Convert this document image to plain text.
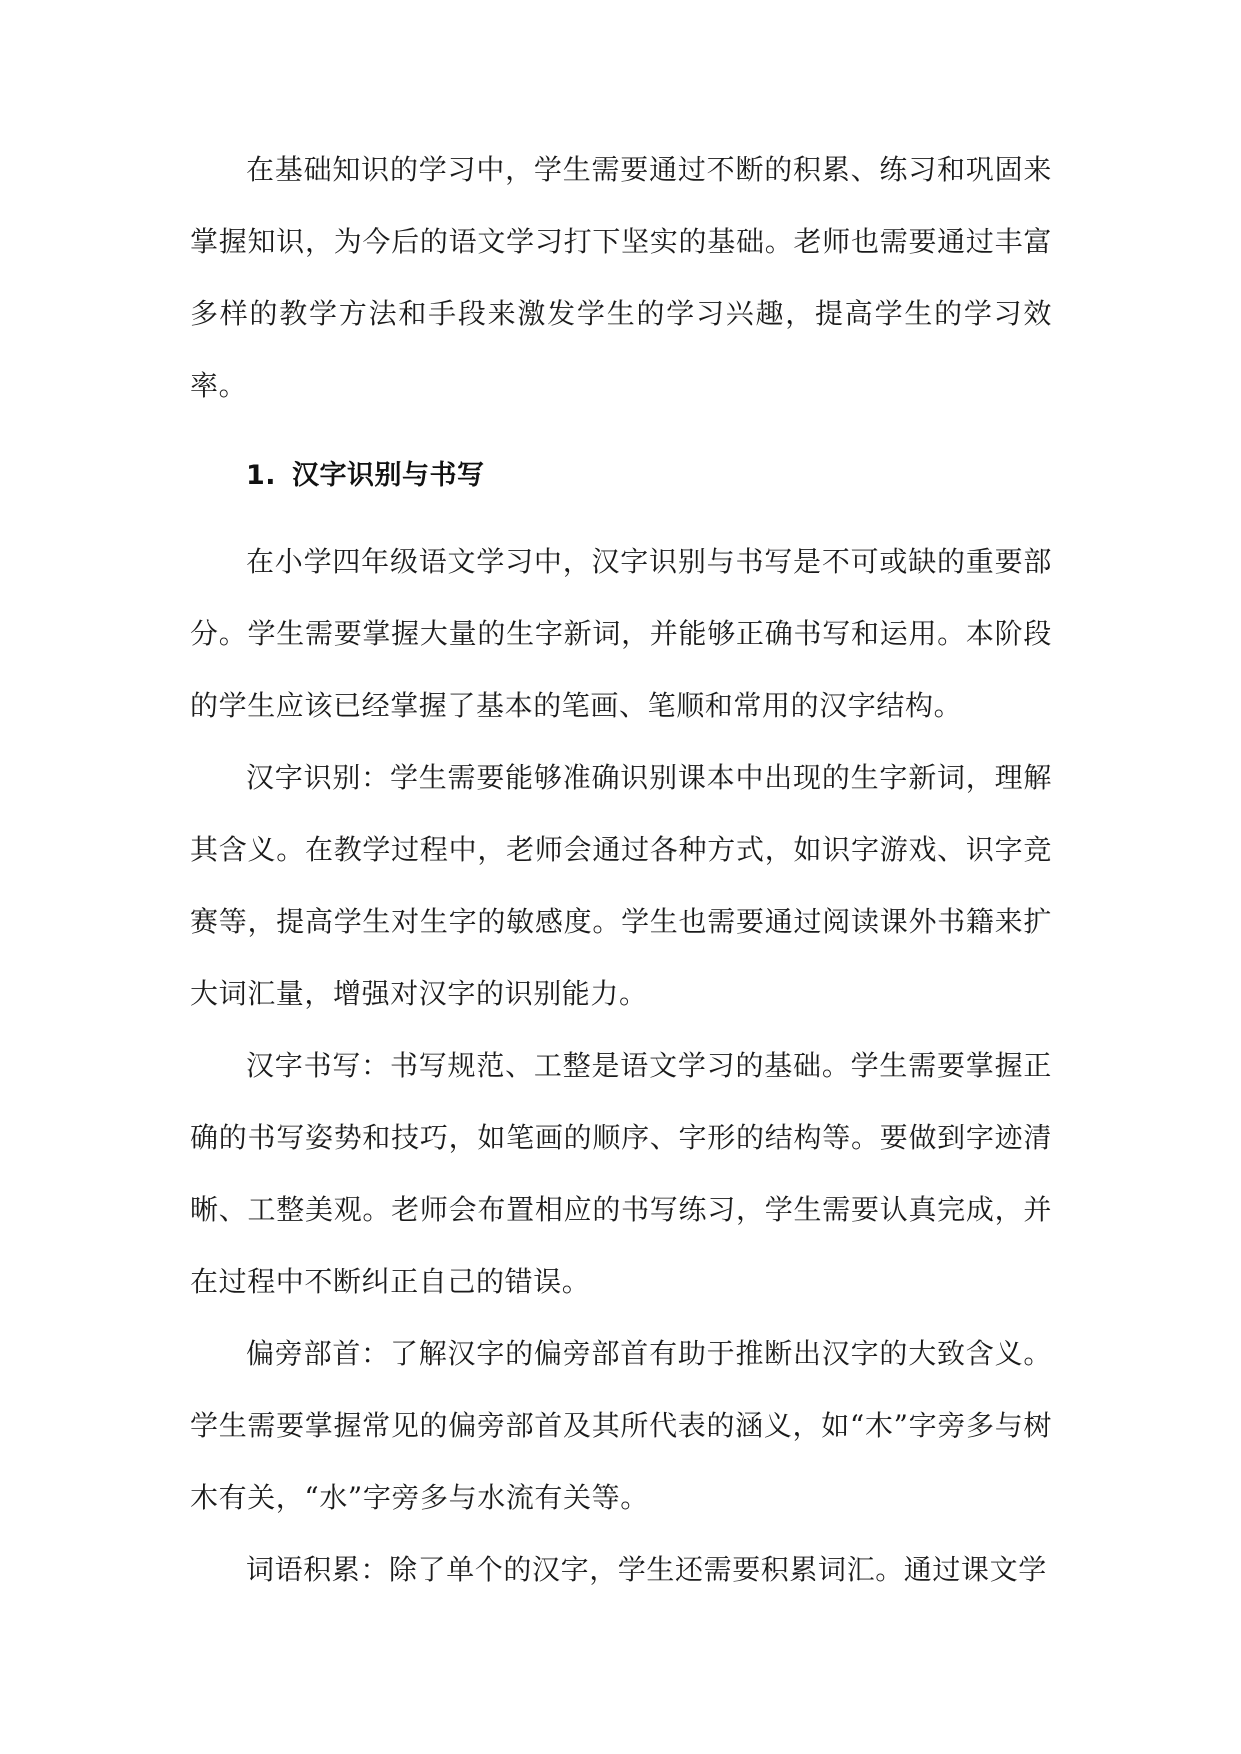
在基础知识的学习中，学生需要通过不断的积累、练习和巩固来掌握知识，为今后的语文学习打下坚实的基础。老师也需要通过丰富多样的教学方法和手段来激发学生的学习兴趣，提高学生的学习效率。

1. 汉字识别与书写

在小学四年级语文学习中，汉字识别与书写是不可或缺的重要部分。学生需要掌握大量的生字新词，并能够正确书写和运用。本阶段的学生应该已经掌握了基本的笔画、笔顺和常用的汉字结构。

汉字识别：学生需要能够准确识别课本中出现的生字新词，理解其含义。在教学过程中，老师会通过各种方式，如识字游戏、识字竞赛等，提高学生对生字的敏感度。学生也需要通过阅读课外书籍来扩大词汇量，增强对汉字的识别能力。

汉字书写：书写规范、工整是语文学习的基础。学生需要掌握正确的书写姿势和技巧，如笔画的顺序、字形的结构等。要做到字迹清晰、工整美观。老师会布置相应的书写练习，学生需要认真完成，并在过程中不断纠正自己的错误。

偏旁部首：了解汉字的偏旁部首有助于推断出汉字的大致含义。学生需要掌握常见的偏旁部首及其所代表的涵义，如“木”字旁多与树木有关，“水”字旁多与水流有关等。

词语积累：除了单个的汉字，学生还需要积累词汇。通过课文学
